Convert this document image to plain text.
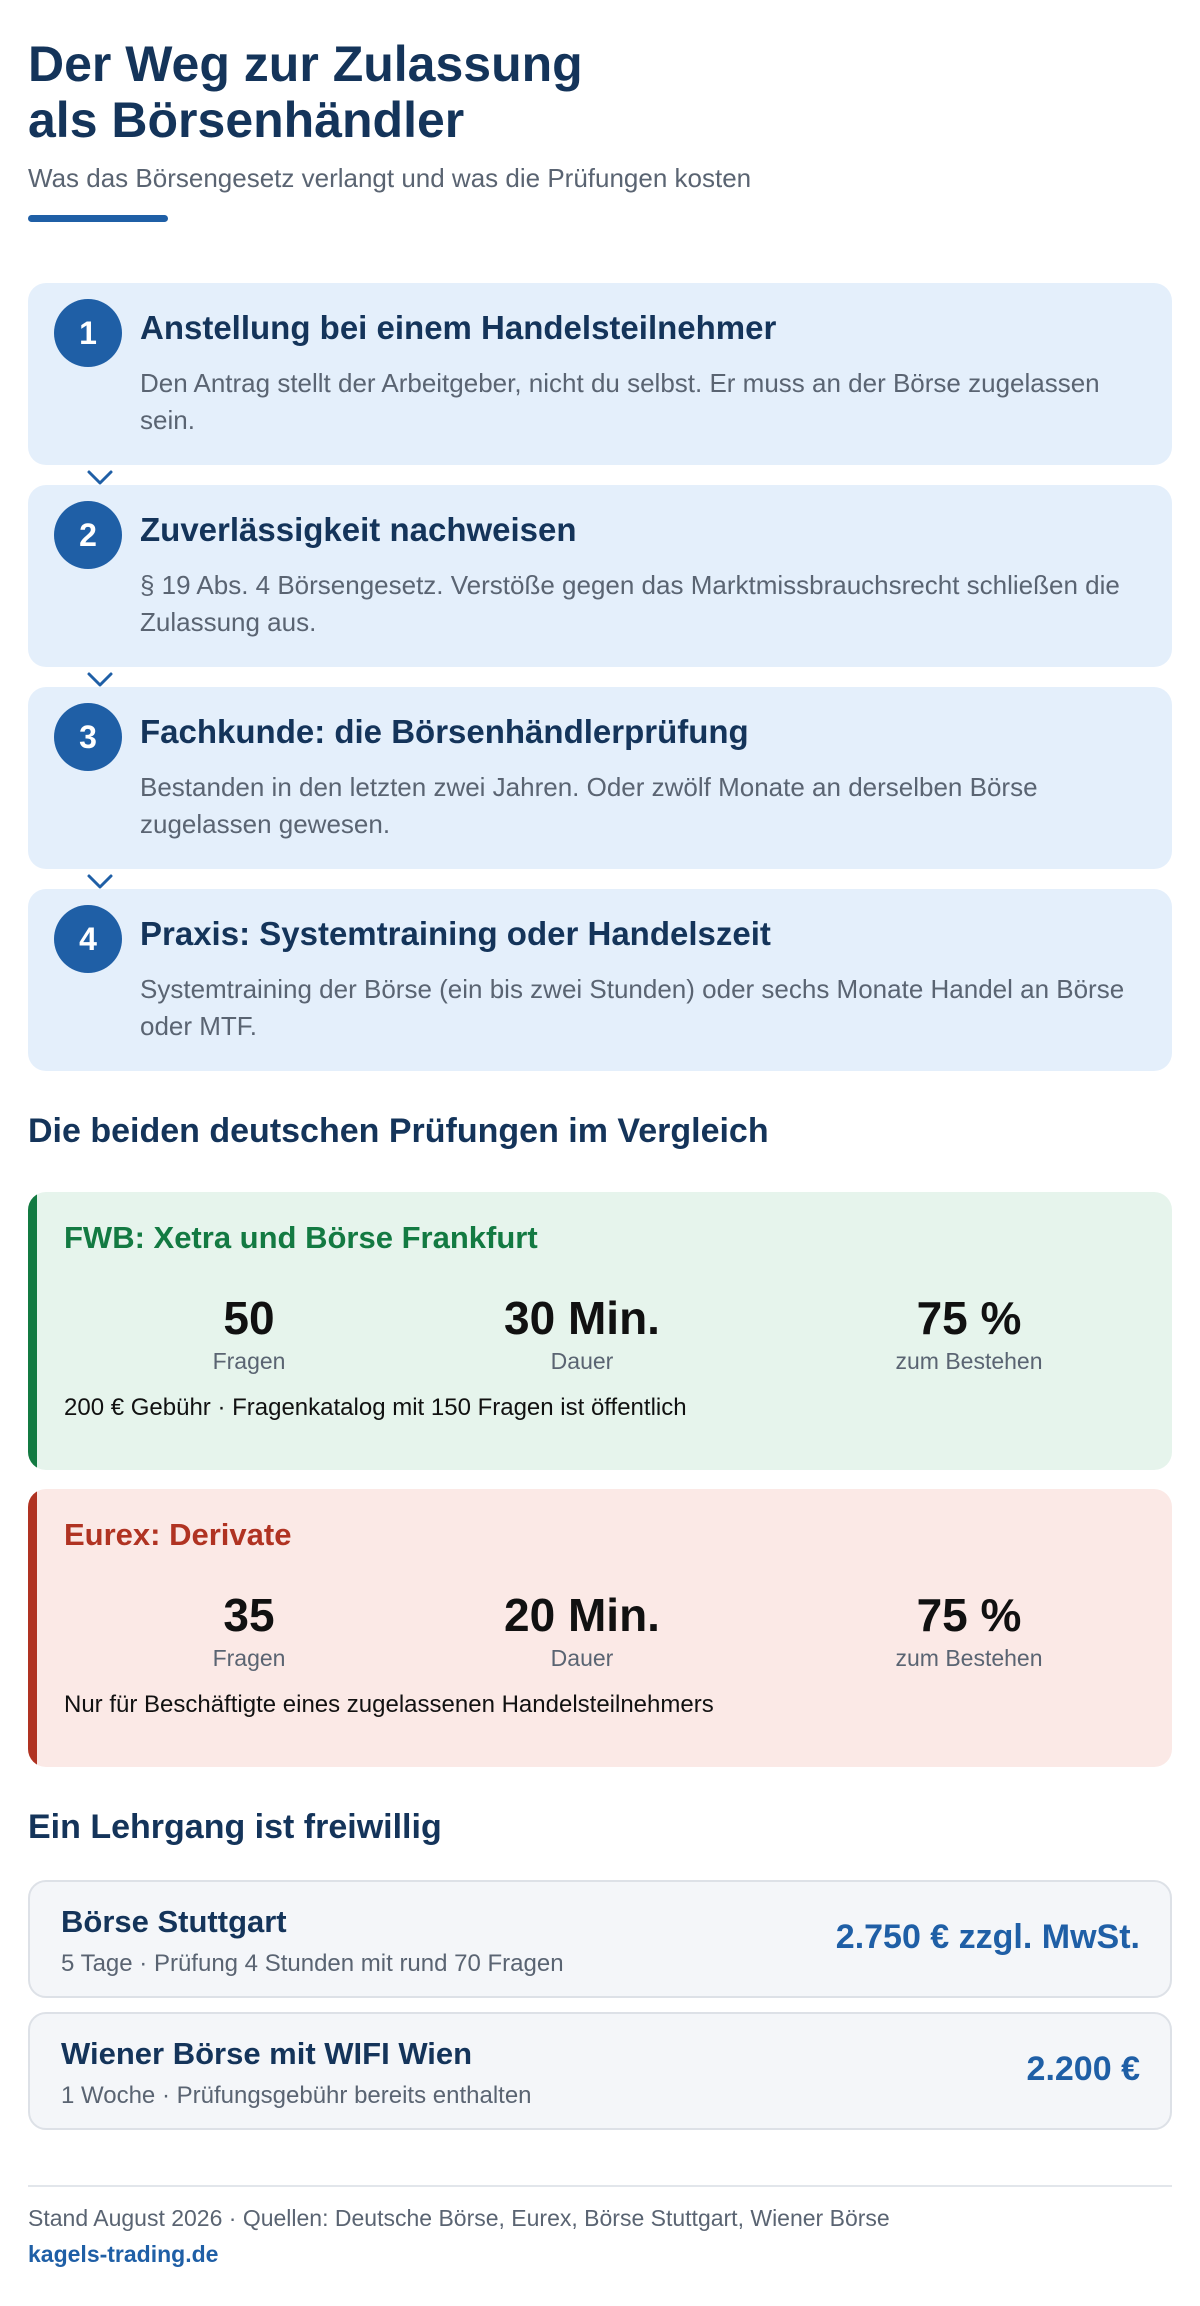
Der Weg zur Zulassung
als Börsenhändler
Was das Börsengesetz verlangt und was die Prüfungen kosten
1	Anstellung bei einem Handelsteilnehmer
Den Antrag stellt der Arbeitgeber, nicht du selbst. Er muss an der Börse zugelassen sein.
2	Zuverlässigkeit nachweisen
§ 19 Abs. 4 Börsengesetz. Verstöße gegen das Marktmissbrauchsrecht schließen die Zulassung aus.
3	Fachkunde: die Börsenhändlerprüfung
Bestanden in den letzten zwei Jahren. Oder zwölf Monate an derselben Börse zugelassen gewesen.
4	Praxis: Systemtraining oder Handelszeit
Systemtraining der Börse (ein bis zwei Stunden) oder sechs Monate Handel an Börse oder MTF.
Die beiden deutschen Prüfungen im Vergleich
FWB: Xetra und Börse Frankfurt
50
Fragen
30 Min.
Dauer
75 %
zum Bestehen
200 € Gebühr · Fragenkatalog mit 150 Fragen ist öffentlich
Eurex: Derivate
35
Fragen
20 Min.
Dauer
75 %
zum Bestehen
Nur für Beschäftigte eines zugelassenen Handelsteilnehmers
Ein Lehrgang ist freiwillig
Börse Stuttgart
5 Tage · Prüfung 4 Stunden mit rund 70 Fragen
2.750 € zzgl. MwSt.
Wiener Börse mit WIFI Wien
1 Woche · Prüfungsgebühr bereits enthalten
2.200 €
Stand August 2026 · Quellen: Deutsche Börse, Eurex, Börse Stuttgart, Wiener Börse
kagels-trading.de
